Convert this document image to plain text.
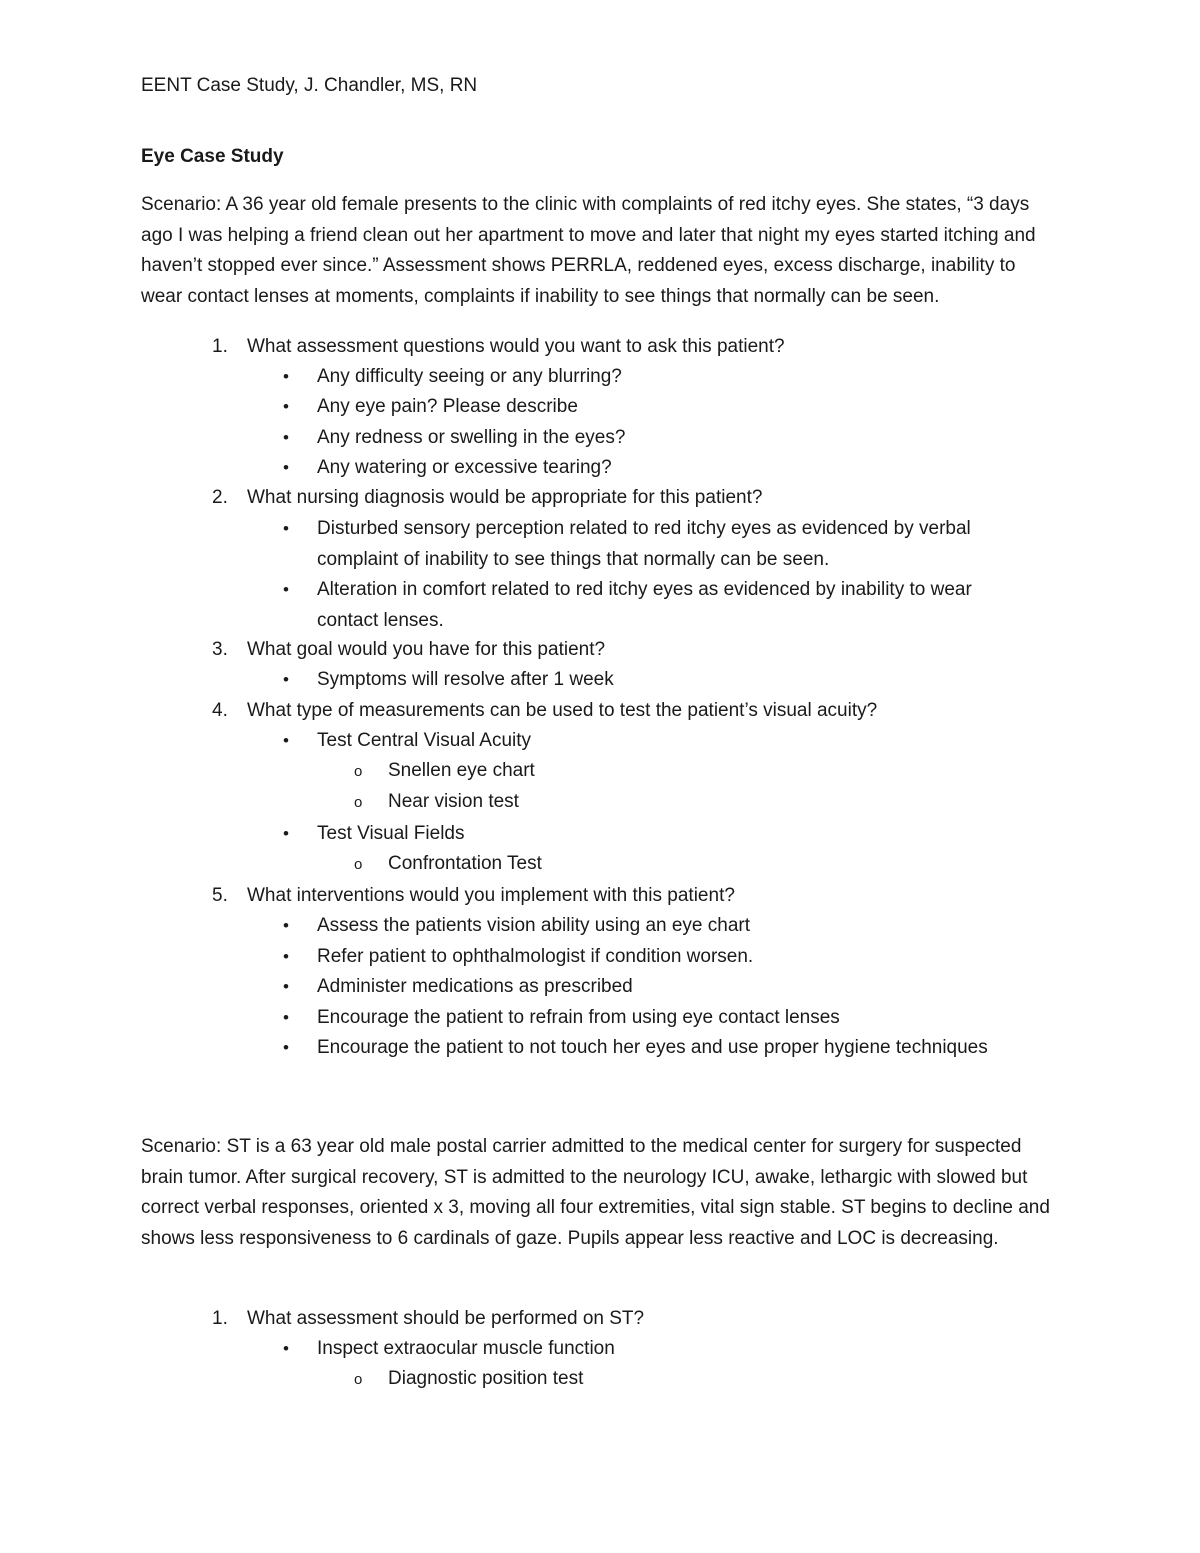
EENT Case Study, J. Chandler, MS, RN
Eye Case Study
Scenario: A 36 year old female presents to the clinic with complaints of red itchy eyes. She states, “3 days ago I was helping a friend clean out her apartment to move and later that night my eyes started itching and haven’t stopped ever since.” Assessment shows PERRLA, reddened eyes, excess discharge, inability to wear contact lenses at moments, complaints if inability to see things that normally can be seen.
1. What assessment questions would you want to ask this patient?
• Any difficulty seeing or any blurring?
• Any eye pain? Please describe
• Any redness or swelling in the eyes?
• Any watering or excessive tearing?
2. What nursing diagnosis would be appropriate for this patient?
• Disturbed sensory perception related to red itchy eyes as evidenced by verbal complaint of inability to see things that normally can be seen.
• Alteration in comfort related to red itchy eyes as evidenced by inability to wear contact lenses.
3. What goal would you have for this patient?
• Symptoms will resolve after 1 week
4. What type of measurements can be used to test the patient’s visual acuity?
• Test Central Visual Acuity
o Snellen eye chart
o Near vision test
• Test Visual Fields
o Confrontation Test
5. What interventions would you implement with this patient?
• Assess the patients vision ability using an eye chart
• Refer patient to ophthalmologist if condition worsen.
• Administer medications as prescribed
• Encourage the patient to refrain from using eye contact lenses
• Encourage the patient to not touch her eyes and use proper hygiene techniques
Scenario: ST is a 63 year old male postal carrier admitted to the medical center for surgery for suspected brain tumor. After surgical recovery, ST is admitted to the neurology ICU, awake, lethargic with slowed but correct verbal responses, oriented x 3, moving all four extremities, vital sign stable. ST begins to decline and shows less responsiveness to 6 cardinals of gaze. Pupils appear less reactive and LOC is decreasing.
1. What assessment should be performed on ST?
• Inspect extraocular muscle function
o Diagnostic position test
